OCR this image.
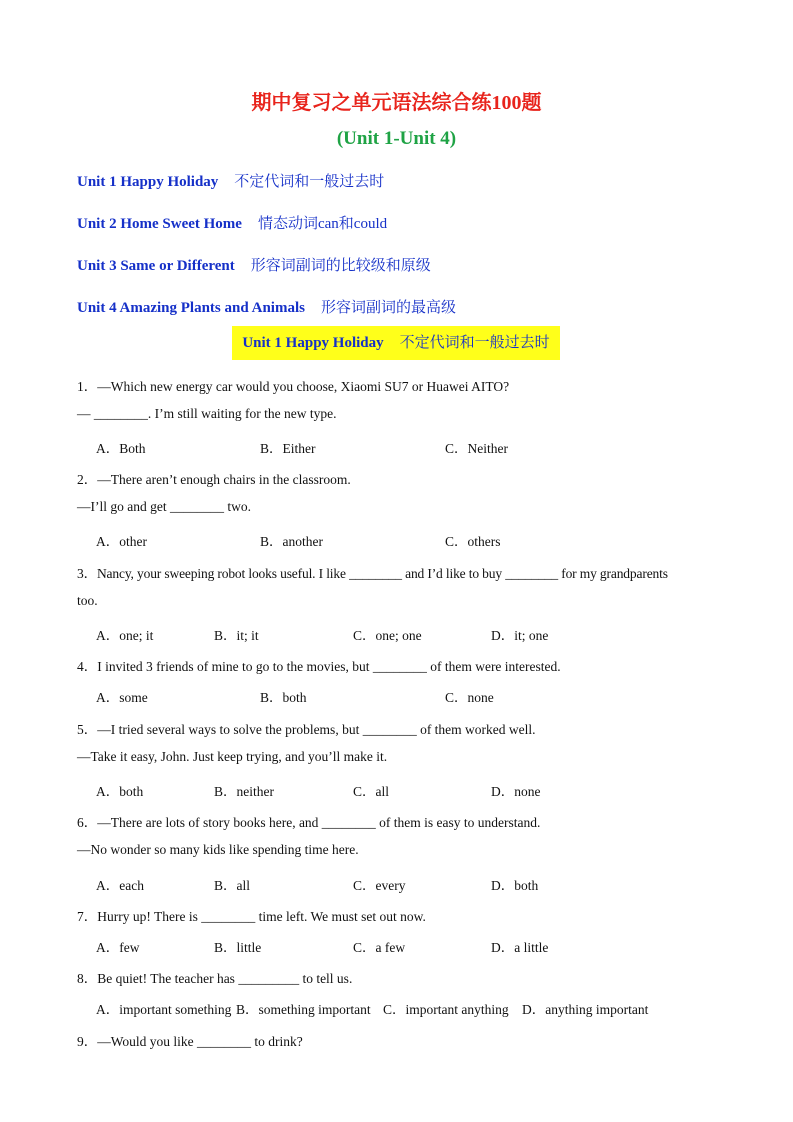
期中复习之单元语法综合练100题
(Unit 1-Unit 4)
Unit 1 Happy Holiday 不定代词和一般过去时
Unit 2 Home Sweet Home 情态动词can和could
Unit 3 Same or Different 形容词副词的比较级和原级
Unit 4 Amazing Plants and Animals 形容词副词的最高级
Unit 1 Happy Holiday 不定代词和一般过去时
1．—Which new energy car would you choose, Xiaomi SU7 or Huawei AITO?
— ________. I’m still waiting for the new type.
A．Both	B．Either	C．Neither
2．—There aren’t enough chairs in the classroom.
—I’ll go and get ________ two.
A．other	B．another	C．others
3．Nancy, your sweeping robot looks useful. I like ________ and I’d like to buy ________ for my grandparents
too.
A．one; it	B．it; it	C．one; one	D．it; one
4．I invited 3 friends of mine to go to the movies, but ________ of them were interested.
A．some	B．both	C．none
5．—I tried several ways to solve the problems, but ________ of them worked well.
—Take it easy, John. Just keep trying, and you’ll make it.
A．both	B．neither	C．all	D．none
6．—There are lots of story books here, and ________ of them is easy to understand.
—No wonder so many kids like spending time here.
A．each	B．all	C．every	D．both
7．Hurry up! There is ________ time left. We must set out now.
A．few	B．little	C．a few	D．a little
8．Be quiet! The teacher has _________ to tell us.
A．important something B．something important C．important anything D．anything important
9．—Would you like ________ to drink?
